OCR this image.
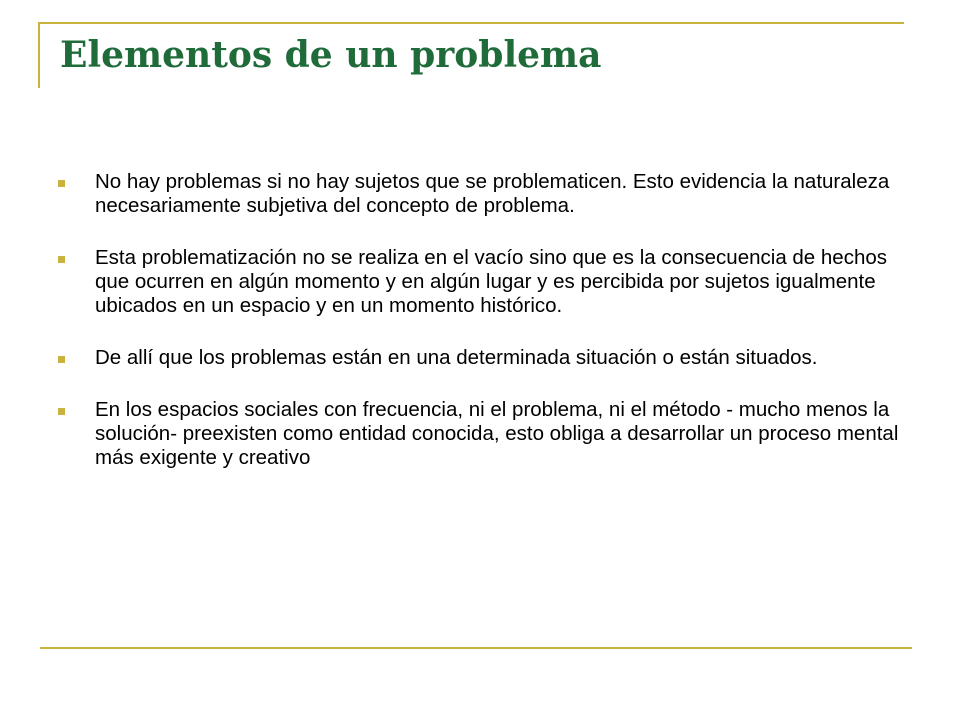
Elementos de un problema
No hay problemas si no hay sujetos que se problematicen. Esto evidencia la naturaleza necesariamente subjetiva del concepto de problema.
Esta problematización no se realiza en el vacío sino que es la consecuencia de hechos que ocurren en algún momento y en algún lugar y es percibida por sujetos igualmente ubicados en un espacio y en un momento histórico.
De allí que los problemas están en una determinada situación o están situados.
En los espacios sociales con frecuencia, ni el problema, ni el método - mucho menos la solución- preexisten como entidad conocida, esto obliga a desarrollar un proceso mental más exigente y creativo
